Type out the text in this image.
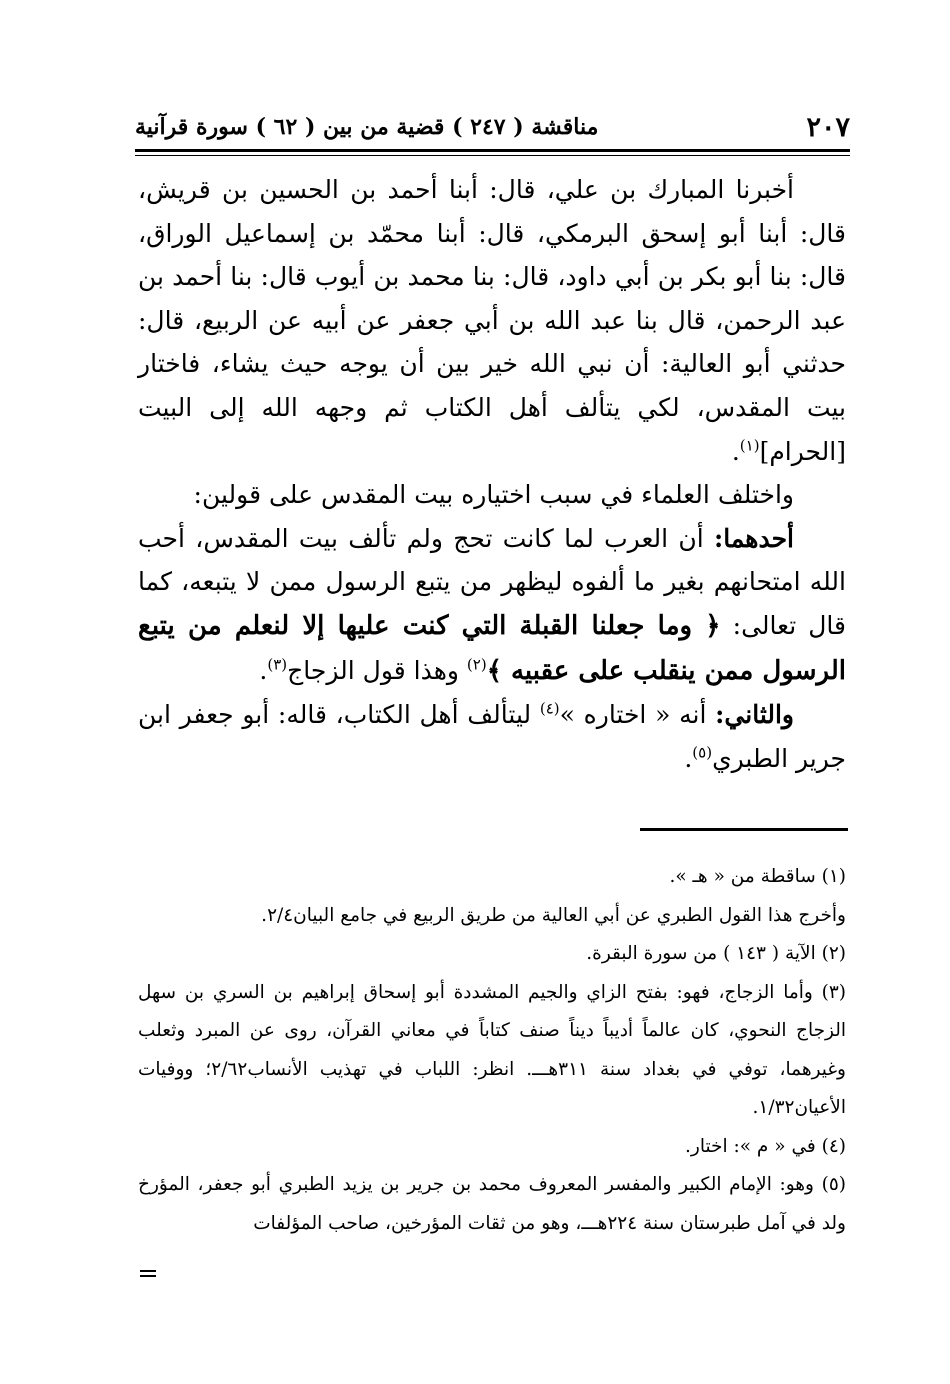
٢٠٧
مناقشة ( ٢٤٧ ) قضية من بين ( ٦٢ ) سورة قرآنية

أخبرنا المبارك بن علي، قال: أبنا أحمد بن الحسين بن قريش، قال: أبنا أبو إسحق البرمكي، قال: أبنا محمّد بن إسماعيل الوراق، قال: بنا أبو بكر بن أبي داود، قال: بنا محمد بن أيوب قال: بنا أحمد بن عبد الرحمن، قال بنا عبد الله بن أبي جعفر عن أبيه عن الربيع، قال: حدثني أبو العالية: أن نبي الله خير بين أن يوجه حيث يشاء، فاختار بيت المقدس، لكي يتألف أهل الكتاب ثم وجهه الله إلى البيت [الحرام]$^{(١)}$.

واختلف العلماء في سبب اختياره بيت المقدس على قولين:

أحدهما: أن العرب لما كانت تحج ولم تألف بيت المقدس، أحب الله امتحانهم بغير ما ألفوه ليظهر من يتبع الرسول ممن لا يتبعه، كما قال تعالى: ﴿ وما جعلنا القبلة التي كنت عليها إلا لنعلم من يتبع الرسول ممن ينقلب على عقبيه ﴾$^{(٢)}$ وهذا قول الزجاج$^{(٣)}$.

والثاني: أنه « اختاره »$^{(٤)}$ ليتألف أهل الكتاب، قاله: أبو جعفر ابن جرير الطبري$^{(٥)}$.

(١) ساقطة من « هـ ».

وأخرج هذا القول الطبري عن أبي العالية من طريق الربيع في جامع البيان٢/٤.

(٢) الآية ( ١٤٣ ) من سورة البقرة.

(٣) وأما الزجاج، فهو: بفتح الزاي والجيم المشددة أبو إسحاق إبراهيم بن السري بن سهل الزجاج النحوي، كان عالماً أديباً ديناً صنف كتاباً في معاني القرآن، روى عن المبرد وثعلب وغيرهما، توفي في بغداد سنة ٣١١هـــ. انظر: اللباب في تهذيب الأنساب٢/٦٢؛ ووفيات الأعيان١/٣٢.

(٤) في « م »: اختار.

(٥) وهو: الإمام الكبير والمفسر المعروف محمد بن جرير بن يزيد الطبري أبو جعفر، المؤرخ ولد في آمل طبرستان سنة ٢٢٤هـــ، وهو من ثقات المؤرخين، صاحب المؤلفات
